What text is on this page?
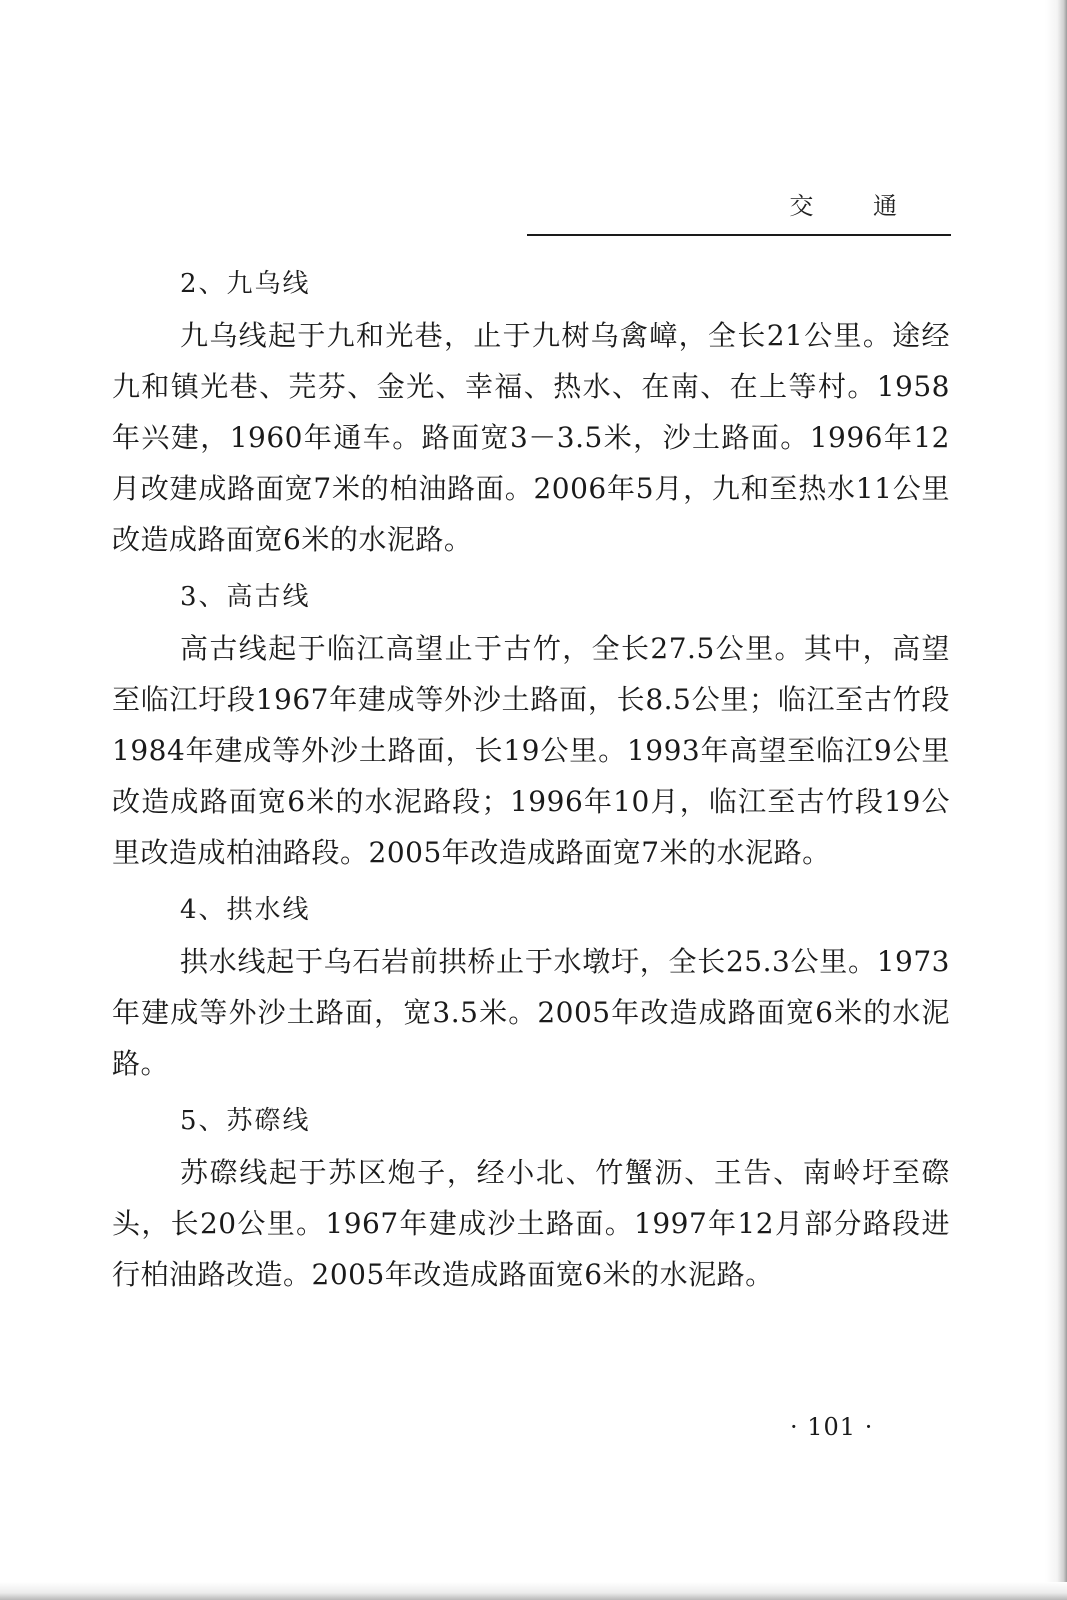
交 通
2、九乌线

九乌线起于九和光巷，止于九树乌禽嶂，全长21公里。途经九和镇光巷、芫芬、金光、幸福、热水、在南、在上等村。1958年兴建，1960年通车。路面宽3－3.5米，沙土路面。1996年12月改建成路面宽7米的柏油路面。2006年5月，九和至热水11公里改造成路面宽6米的水泥路。

3、高古线

高古线起于临江高望止于古竹，全长27.5公里。其中，高望至临江圩段1967年建成等外沙土路面，长8.5公里；临江至古竹段1984年建成等外沙土路面，长19公里。1993年高望至临江9公里改造成路面宽6米的水泥路段；1996年10月，临江至古竹段19公里改造成柏油路段。2005年改造成路面宽7米的水泥路。

4、拱水线

拱水线起于乌石岩前拱桥止于水墩圩，全长25.3公里。1973年建成等外沙土路面，宽3.5米。2005年改造成路面宽6米的水泥路。

5、苏磜线

苏磜线起于苏区炮子，经小北、竹蟹沥、王告、南岭圩至磜头，长20公里。1967年建成沙土路面。1997年12月部分路段进行柏油路改造。2005年改造成路面宽6米的水泥路。

· 101 ·
